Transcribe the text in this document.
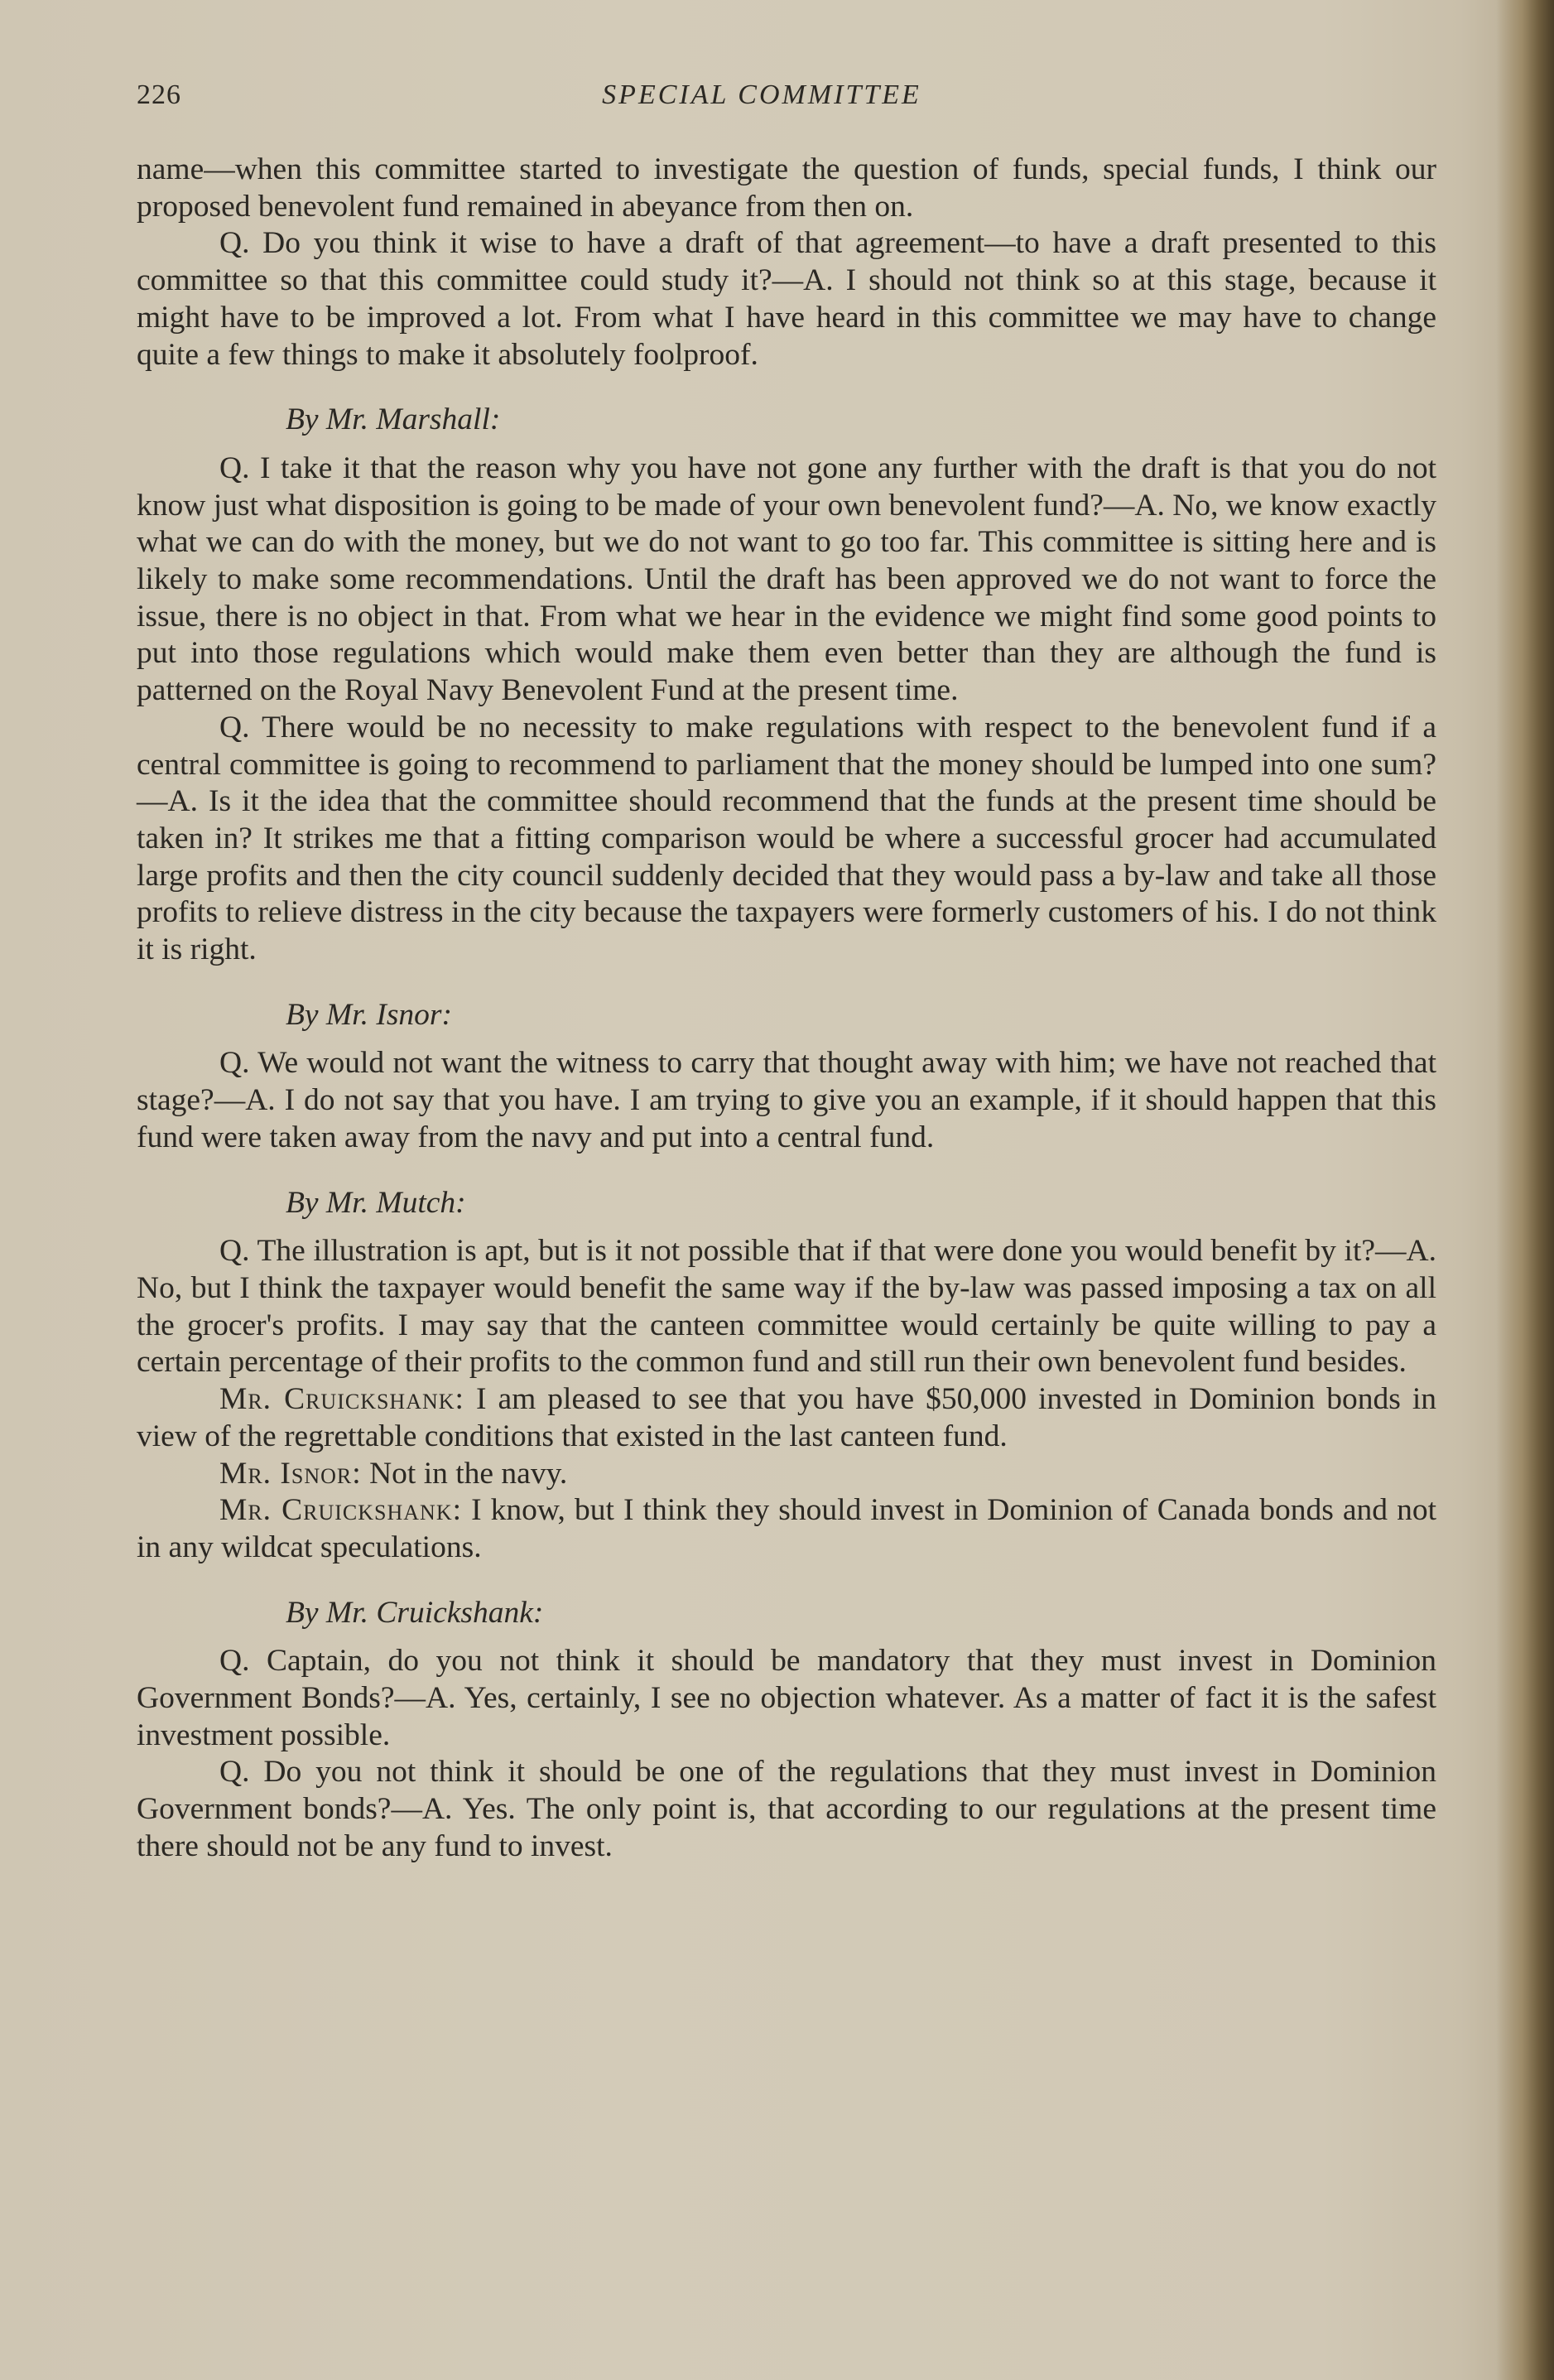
226	SPECIAL COMMITTEE

name—when this committee started to investigate the question of funds, special funds, I think our proposed benevolent fund remained in abeyance from then on.

Q. Do you think it wise to have a draft of that agreement—to have a draft presented to this committee so that this committee could study it?—A. I should not think so at this stage, because it might have to be improved a lot. From what I have heard in this committee we may have to change quite a few things to make it absolutely foolproof.

By Mr. Marshall:

Q. I take it that the reason why you have not gone any further with the draft is that you do not know just what disposition is going to be made of your own benevolent fund?—A. No, we know exactly what we can do with the money, but we do not want to go too far. This committee is sitting here and is likely to make some recommendations. Until the draft has been approved we do not want to force the issue, there is no object in that. From what we hear in the evidence we might find some good points to put into those regulations which would make them even better than they are although the fund is patterned on the Royal Navy Benevolent Fund at the present time.

Q. There would be no necessity to make regulations with respect to the benevolent fund if a central committee is going to recommend to parliament that the money should be lumped into one sum?—A. Is it the idea that the committee should recommend that the funds at the present time should be taken in? It strikes me that a fitting comparison would be where a successful grocer had accumulated large profits and then the city council suddenly decided that they would pass a by-law and take all those profits to relieve distress in the city because the taxpayers were formerly customers of his. I do not think it is right.

By Mr. Isnor:

Q. We would not want the witness to carry that thought away with him; we have not reached that stage?—A. I do not say that you have. I am trying to give you an example, if it should happen that this fund were taken away from the navy and put into a central fund.

By Mr. Mutch:

Q. The illustration is apt, but is it not possible that if that were done you would benefit by it?—A. No, but I think the taxpayer would benefit the same way if the by-law was passed imposing a tax on all the grocer's profits. I may say that the canteen committee would certainly be quite willing to pay a certain percentage of their profits to the common fund and still run their own benevolent fund besides.

Mr. Cruickshank: I am pleased to see that you have $50,000 invested in Dominion bonds in view of the regrettable conditions that existed in the last canteen fund.

Mr. Isnor: Not in the navy.

Mr. Cruickshank: I know, but I think they should invest in Dominion of Canada bonds and not in any wildcat speculations.

By Mr. Cruickshank:

Q. Captain, do you not think it should be mandatory that they must invest in Dominion Government Bonds?—A. Yes, certainly, I see no objection whatever. As a matter of fact it is the safest investment possible.

Q. Do you not think it should be one of the regulations that they must invest in Dominion Government bonds?—A. Yes. The only point is, that according to our regulations at the present time there should not be any fund to invest.
